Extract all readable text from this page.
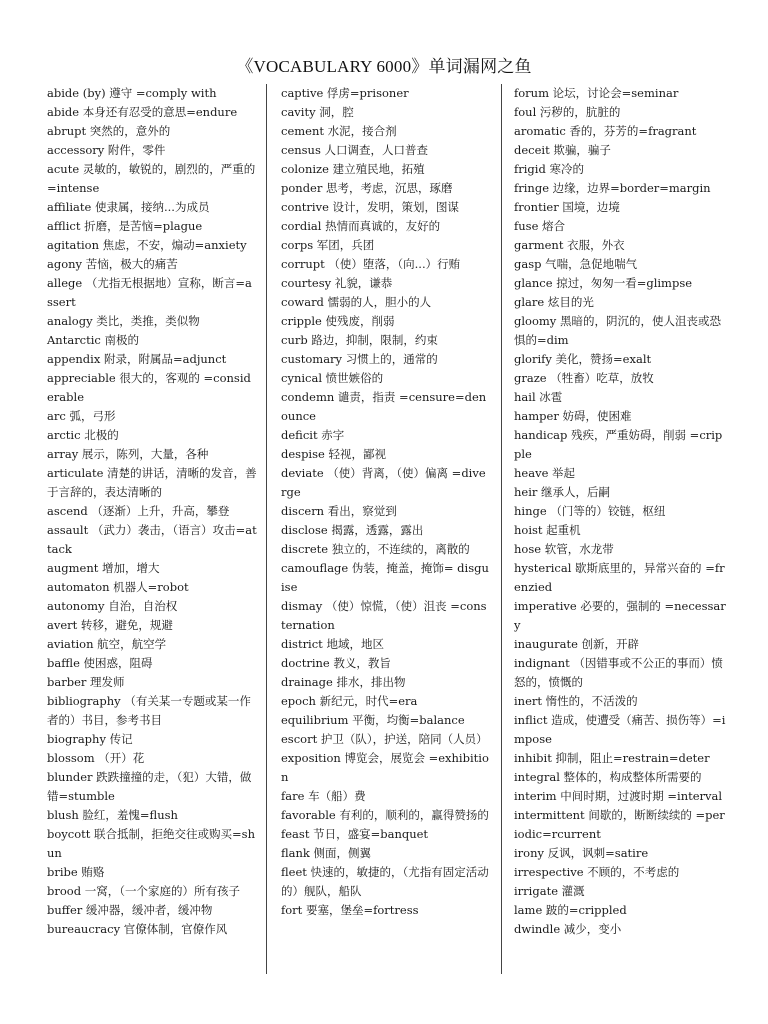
《VOCABULARY 6000》单词漏网之鱼

abide (by) 遵守 =comply with

abide 本身还有忍受的意思=endure

abrupt 突然的，意外的

accessory 附件，零件

acute 灵敏的，敏锐的，剧烈的，严重的=intense

affiliate 使隶属，接纳...为成员

afflict 折磨，是苦恼=plague

agitation 焦虑，不安，煽动=anxiety

agony 苦恼，极大的痛苦

allege （尤指无根据地）宣称，断言=assert

analogy 类比，类推，类似物

Antarctic 南极的

appendix 附录，附属品=adjunct

appreciable 很大的，客观的 =considerable

arc 弧，弓形

arctic 北极的

array 展示，陈列，大量，各种

articulate 清楚的讲话，清晰的发音，善于言辞的，表达清晰的

ascend （逐渐）上升，升高，攀登

assault （武力）袭击，（语言）攻击=attack

augment 增加，增大

automaton 机器人=robot

autonomy 自治，自治权

avert 转移，避免，规避

aviation 航空，航空学

baffle 使困惑，阻碍

barber 理发师

bibliography （有关某一专题或某一作者的）书目，参考书目

biography 传记

blossom （开）花

blunder 跌跌撞撞的走，（犯）大错，做错=stumble

blush 脸红，羞愧=flush

boycott 联合抵制，拒绝交往或购买=shun

bribe 贿赂

brood 一窝，（一个家庭的）所有孩子

buffer 缓冲器，缓冲者，缓冲物

bureaucracy 官僚体制，官僚作风

captive 俘虏=prisoner

cavity 洞，腔

cement 水泥，接合剂

census 人口调查，人口普查

colonize 建立殖民地，拓殖

ponder 思考，考虑，沉思，琢磨

contrive 设计，发明，策划，图谋

cordial 热情而真诚的，友好的

corps 军团，兵团

corrupt （使）堕落，（向...）行贿

courtesy 礼貌，谦恭

coward 懦弱的人，胆小的人

cripple 使残废，削弱

curb 路边，抑制，限制，约束

customary 习惯上的，通常的

cynical 愤世嫉俗的

condemn 谴责，指责 =censure=denounce

deficit 赤字

despise 轻视，鄙视

deviate （使）背离，（使）偏离 =diverge

discern 看出，察觉到

disclose 揭露，透露，露出

discrete 独立的，不连续的，离散的

camouflage 伪装，掩盖，掩饰= disguise

dismay （使）惊慌，（使）沮丧 =consternation

district 地域，地区

doctrine 教义，教旨

drainage 排水，排出物

epoch 新纪元，时代=era

equilibrium 平衡，均衡=balance

escort 护卫（队），护送，陪同（人员）

exposition 博览会，展览会 =exhibition

fare 车（船）费

favorable 有利的，顺利的，赢得赞扬的

feast 节日，盛宴=banquet

flank 侧面，侧翼

fleet 快速的，敏捷的，（尤指有固定活动的）舰队，船队

fort 要塞，堡垒=fortress

forum 论坛，讨论会=seminar

foul 污秽的，肮脏的

aromatic 香的，芬芳的=fragrant

deceit 欺骗，骗子

frigid 寒冷的

fringe 边缘，边界=border=margin

frontier 国境，边境

fuse 熔合

garment 衣服，外衣

gasp 气喘，急促地喘气

glance 掠过，匆匆一看=glimpse

glare 炫目的光

gloomy 黑暗的，阴沉的，使人沮丧或恐惧的=dim

glorify 美化，赞扬=exalt

graze （牲畜）吃草，放牧

hail 冰雹

hamper 妨碍，使困难

handicap 残疾，严重妨碍，削弱 =cripple

heave 举起

heir 继承人，后嗣

hinge （门等的）铰链，枢纽

hoist 起重机

hose 软管，水龙带

hysterical 歇斯底里的，异常兴奋的 =frenzied

imperative 必要的，强制的 =necessary

inaugurate 创新，开辟

indignant （因错事或不公正的事而）愤怒的，愤慨的

inert 惰性的，不活泼的

inflict 造成，使遭受（痛苦、损伤等）=impose

inhibit 抑制，阻止=restrain=deter

integral 整体的，构成整体所需要的

interim 中间时期，过渡时期 =interval

intermittent 间歇的，断断续续的 =periodic=rcurrent

irony 反讽，讽刺=satire

irrespective 不顾的，不考虑的

irrigate 灌溉

lame 跛的=crippled

dwindle 减少，变小
